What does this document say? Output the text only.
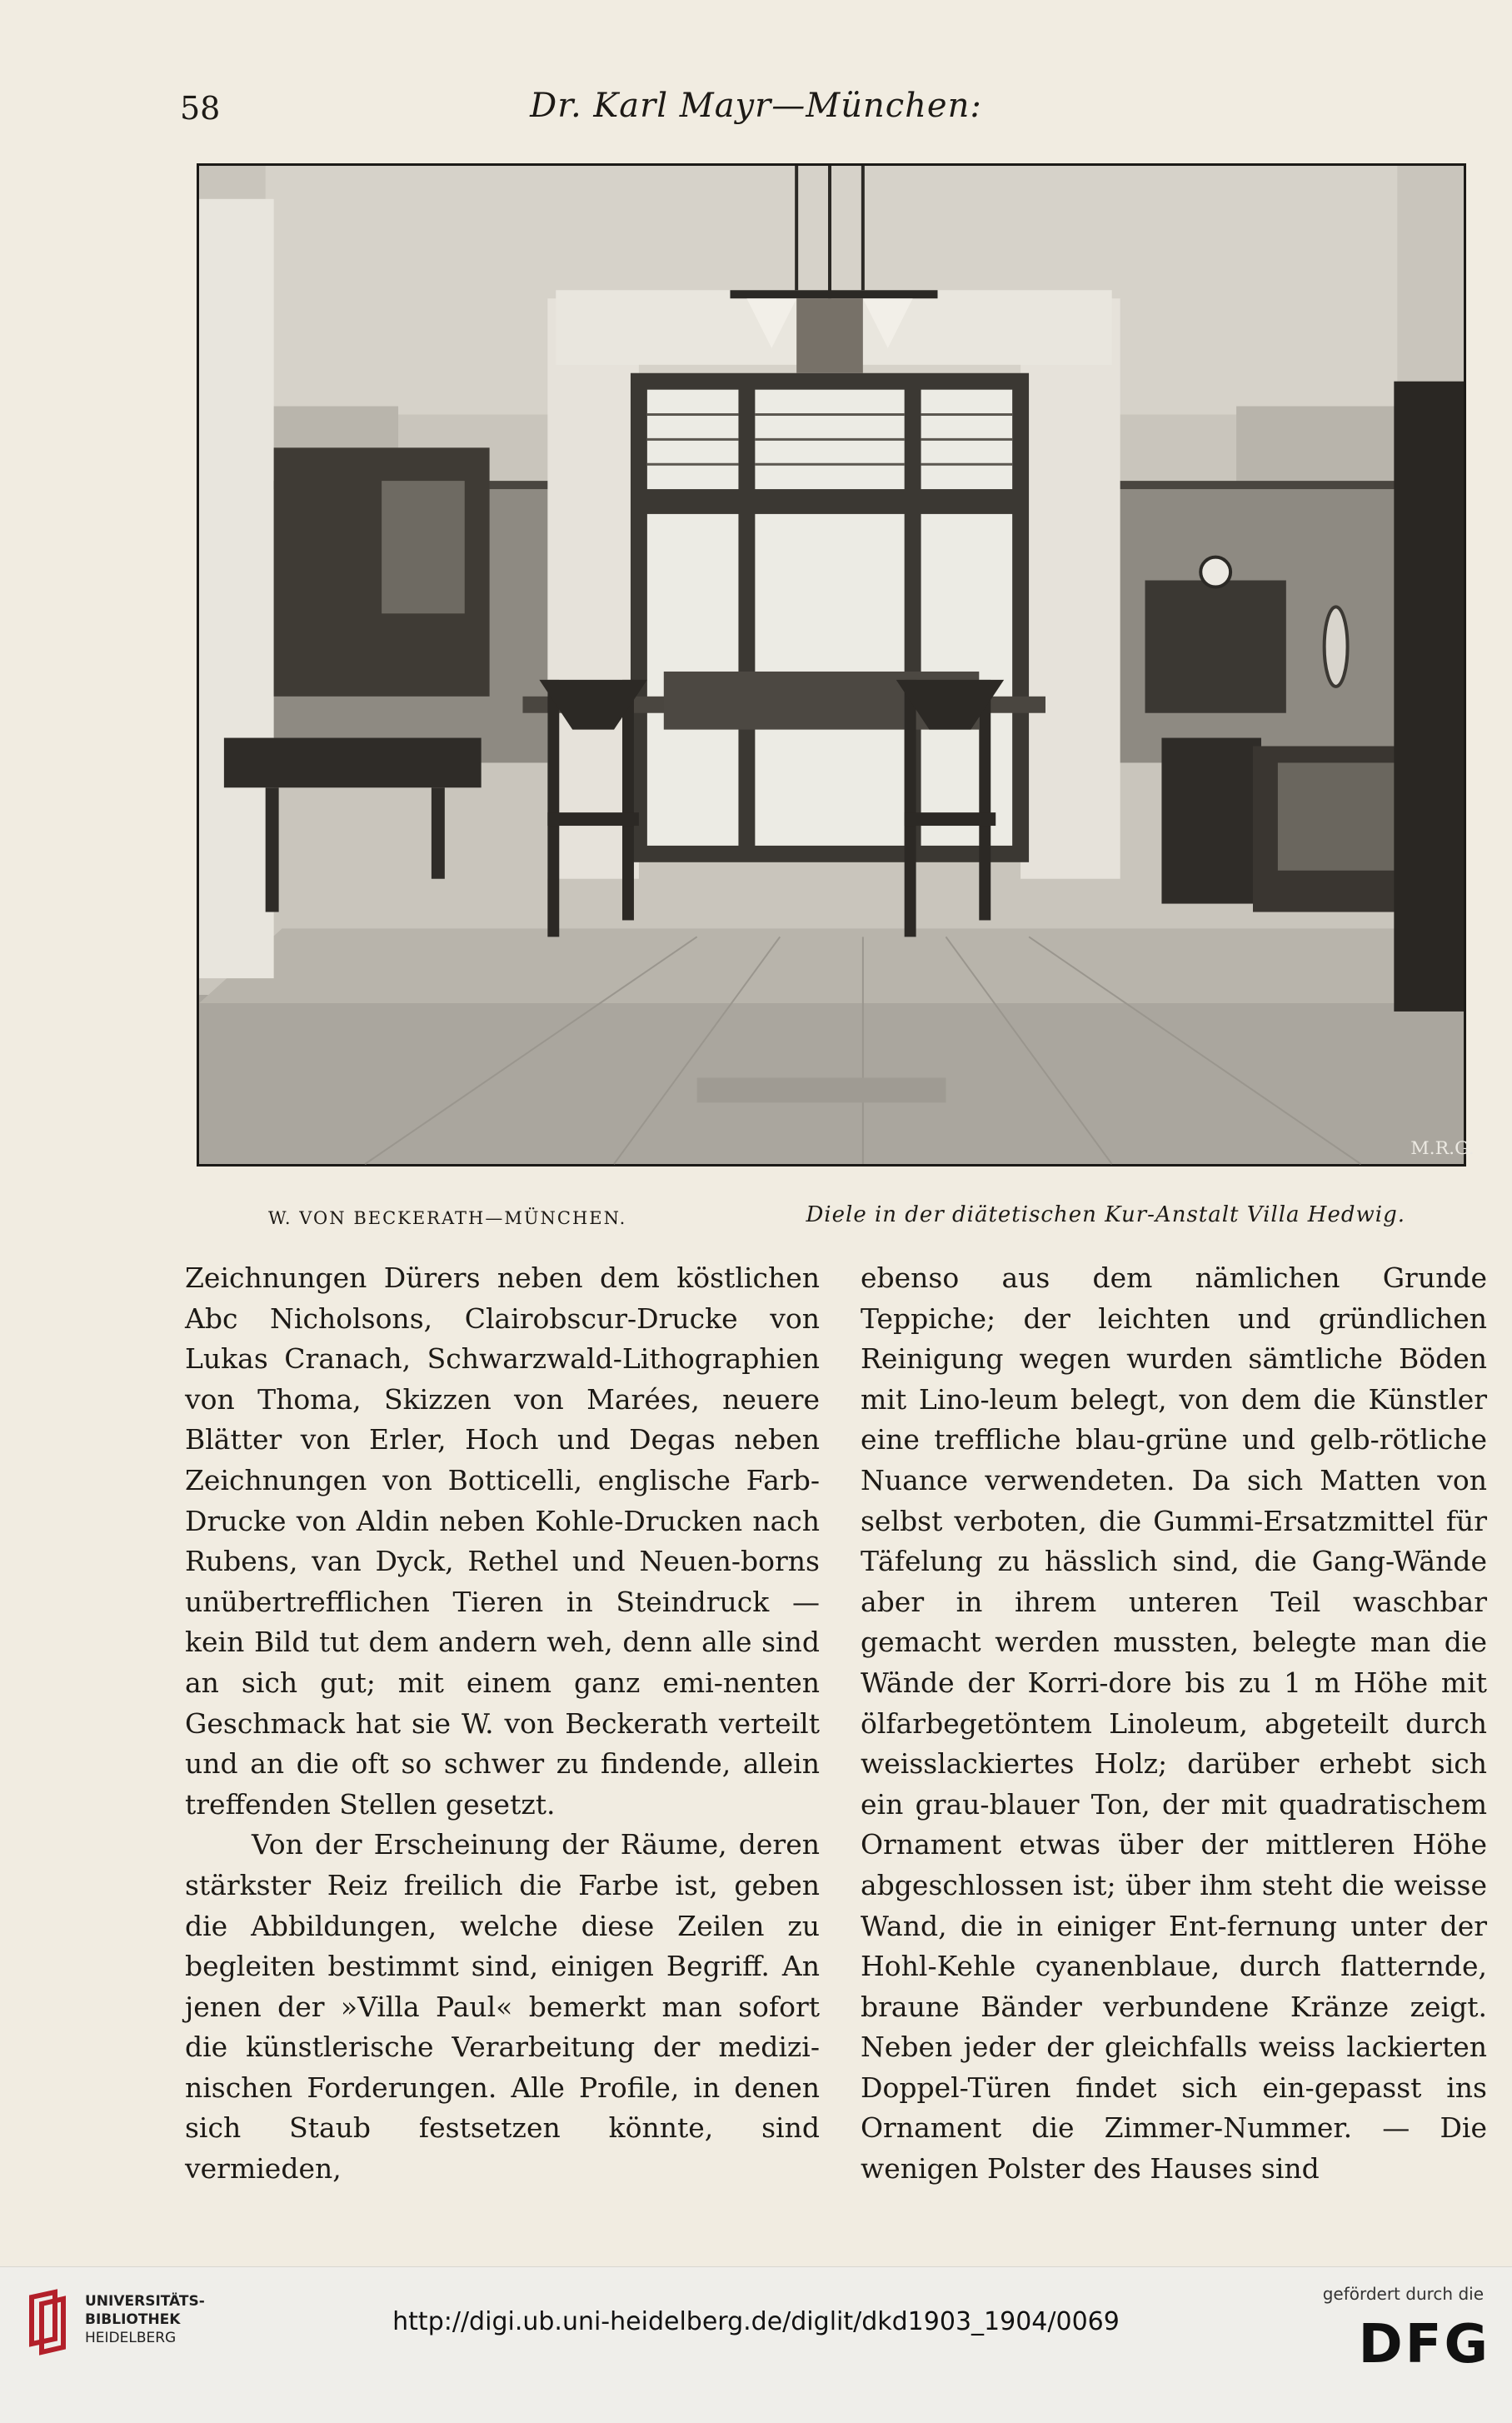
58	Dr. Karl Mayr—München:
M.R.G.
W. VON BECKERATH—MÜNCHEN.	Diele in der diätetischen Kur-Anstalt Villa Hedwig.

Zeichnungen Dürers neben dem köstlichen Abc Nicholsons, Clairobscur-Drucke von Lukas Cranach, Schwarzwald-Lithographien von Thoma, Skizzen von Marées, neuere Blätter von Erler, Hoch und Degas neben Zeichnungen von Botticelli, englische Farb-Drucke von Aldin neben Kohle-Drucken nach Rubens, van Dyck, Rethel und Neuen-borns unübertrefflichen Tieren in Steindruck — kein Bild tut dem andern weh, denn alle sind an sich gut; mit einem ganz emi-nenten Geschmack hat sie W. von Beckerath verteilt und an die oft so schwer zu findende, allein treffenden Stellen gesetzt.

Von der Erscheinung der Räume, deren stärkster Reiz freilich die Farbe ist, geben die Abbildungen, welche diese Zeilen zu begleiten bestimmt sind, einigen Begriff. An jenen der »Villa Paul« bemerkt man sofort die künstlerische Verarbeitung der medizi-nischen Forderungen. Alle Profile, in denen sich Staub festsetzen könnte, sind vermieden,

ebenso aus dem nämlichen Grunde Teppiche; der leichten und gründlichen Reinigung wegen wurden sämtliche Böden mit Lino-leum belegt, von dem die Künstler eine treffliche blau-grüne und gelb-rötliche Nuance verwendeten. Da sich Matten von selbst verboten, die Gummi-Ersatzmittel für Täfelung zu hässlich sind, die Gang-Wände aber in ihrem unteren Teil waschbar gemacht werden mussten, belegte man die Wände der Korri-dore bis zu 1 m Höhe mit ölfarbegetöntem Linoleum, abgeteilt durch weisslackiertes Holz; darüber erhebt sich ein grau-blauer Ton, der mit quadratischem Ornament etwas über der mittleren Höhe abgeschlossen ist; über ihm steht die weisse Wand, die in einiger Ent-fernung unter der Hohl-Kehle cyanenblaue, durch flatternde, braune Bänder verbundene Kränze zeigt. Neben jeder der gleichfalls weiss lackierten Doppel-Türen findet sich ein-gepasst ins Ornament die Zimmer-Nummer. — Die wenigen Polster des Hauses sind

UNIVERSITÄTS-
BIBLIOTHEK
HEIDELBERG
http://digi.ub.uni-heidelberg.de/diglit/dkd1903_1904/0069
gefördert durch die
DFG
